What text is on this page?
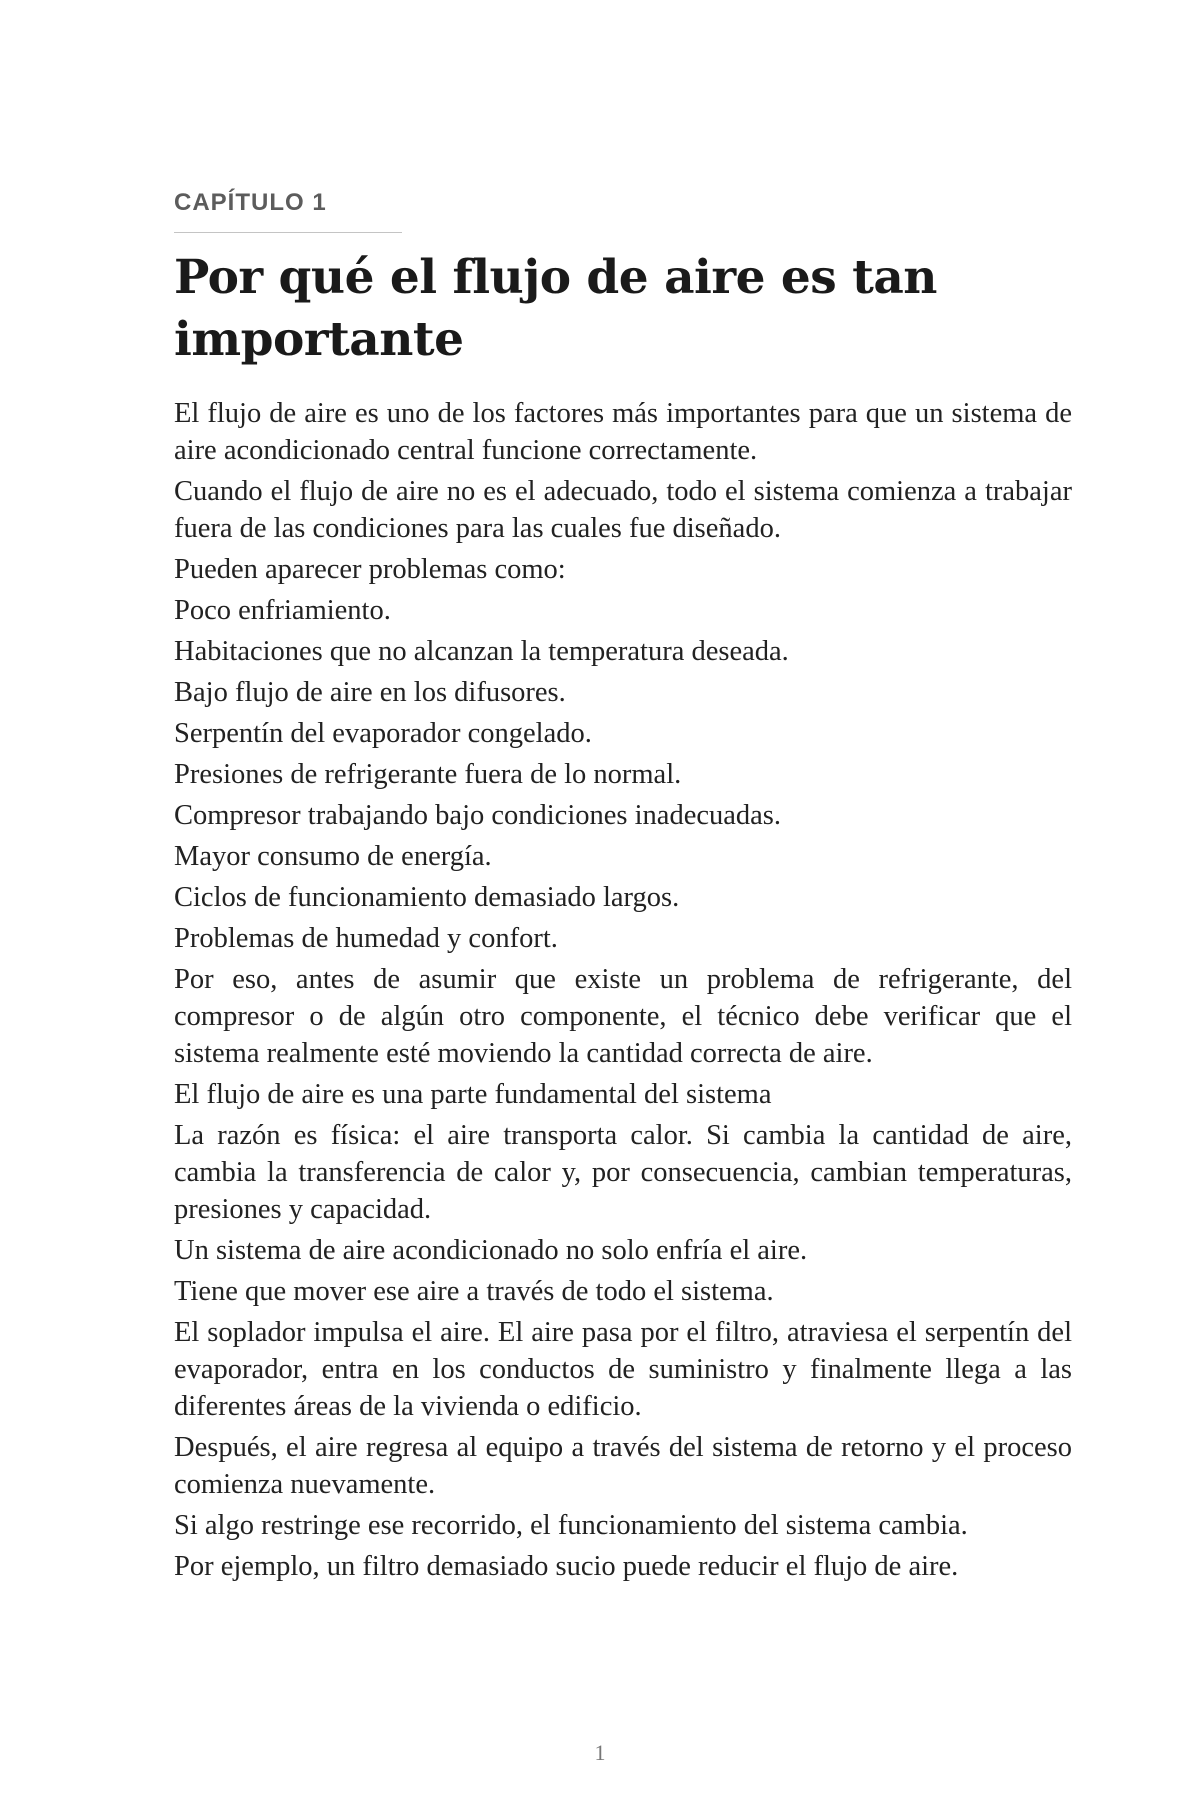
CAPÍTULO 1
Por qué el flujo de aire es tan importante

El flujo de aire es uno de los factores más importantes para que un sistema de aire acondicionado central funcione correctamente.

Cuando el flujo de aire no es el adecuado, todo el sistema comienza a trabajar fuera de las condiciones para las cuales fue diseñado.

Pueden aparecer problemas como:

Poco enfriamiento.

Habitaciones que no alcanzan la temperatura deseada.

Bajo flujo de aire en los difusores.

Serpentín del evaporador congelado.

Presiones de refrigerante fuera de lo normal.

Compresor trabajando bajo condiciones inadecuadas.

Mayor consumo de energía.

Ciclos de funcionamiento demasiado largos.

Problemas de humedad y confort.

Por eso, antes de asumir que existe un problema de refrigerante, del compresor o de algún otro componente, el técnico debe verificar que el sistema realmente esté moviendo la cantidad correcta de aire.

El flujo de aire es una parte fundamental del sistema

La razón es física: el aire transporta calor. Si cambia la cantidad de aire, cambia la transferencia de calor y, por consecuencia, cambian temperaturas, presiones y capacidad.

Un sistema de aire acondicionado no solo enfría el aire.

Tiene que mover ese aire a través de todo el sistema.

El soplador impulsa el aire. El aire pasa por el filtro, atraviesa el serpentín del evaporador, entra en los conductos de suministro y finalmente llega a las diferentes áreas de la vivienda o edificio.

Después, el aire regresa al equipo a través del sistema de retorno y el proceso comienza nuevamente.

Si algo restringe ese recorrido, el funcionamiento del sistema cambia.

Por ejemplo, un filtro demasiado sucio puede reducir el flujo de aire.

1
